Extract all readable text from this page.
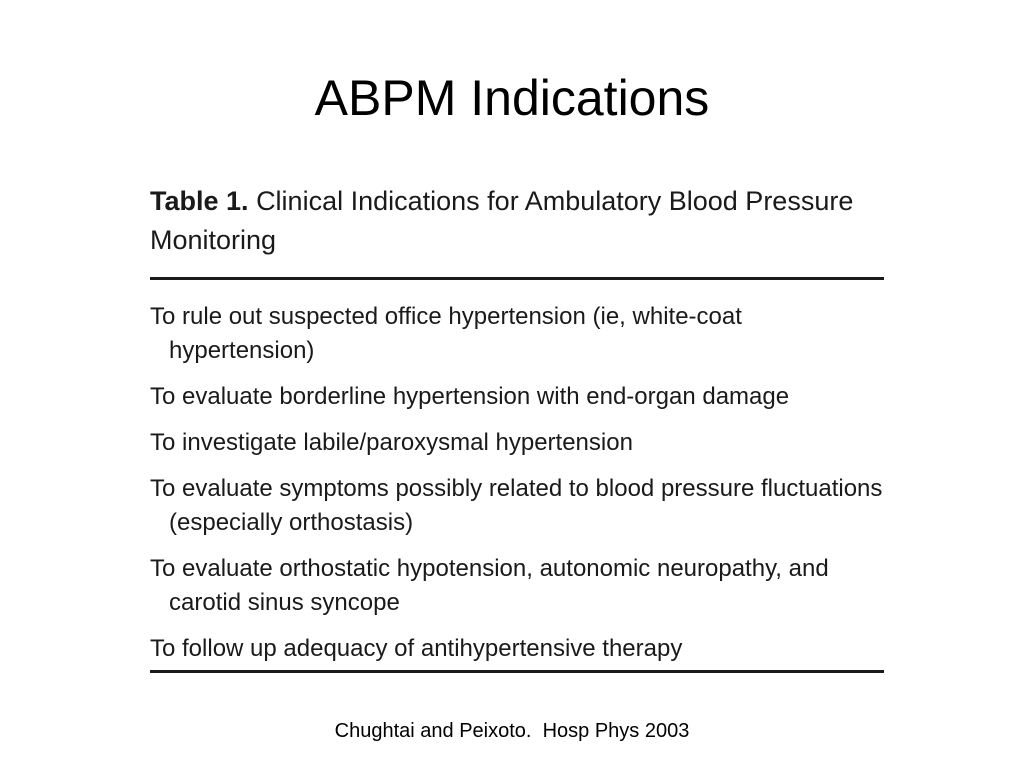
ABPM Indications

Table 1. Clinical Indications for Ambulatory Blood Pressure Monitoring

To rule out suspected office hypertension (ie, white-coat hypertension)
To evaluate borderline hypertension with end-organ damage
To investigate labile/paroxysmal hypertension
To evaluate symptoms possibly related to blood pressure fluctuations (especially orthostasis)
To evaluate orthostatic hypotension, autonomic neuropathy, and carotid sinus syncope
To follow up adequacy of antihypertensive therapy
Chughtai and Peixoto.  Hosp Phys 2003
